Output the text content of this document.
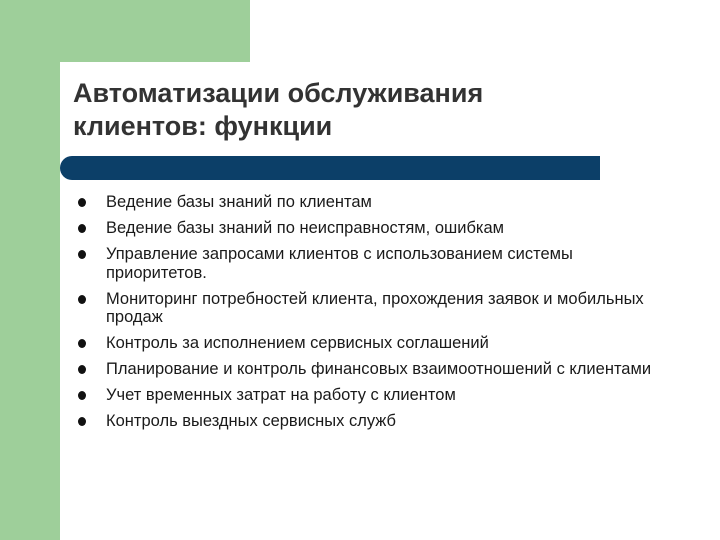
Автоматизации обслуживания клиентов: функции
Ведение базы знаний по клиентам
Ведение базы знаний по неисправностям, ошибкам
Управление запросами клиентов с использованием системы приоритетов.
Мониторинг потребностей клиента, прохождения заявок и мобильных продаж
Контроль за исполнением сервисных соглашений
Планирование и контроль финансовых взаимоотношений с клиентами
Учет временных затрат на работу с клиентом
Контроль выездных сервисных служб
